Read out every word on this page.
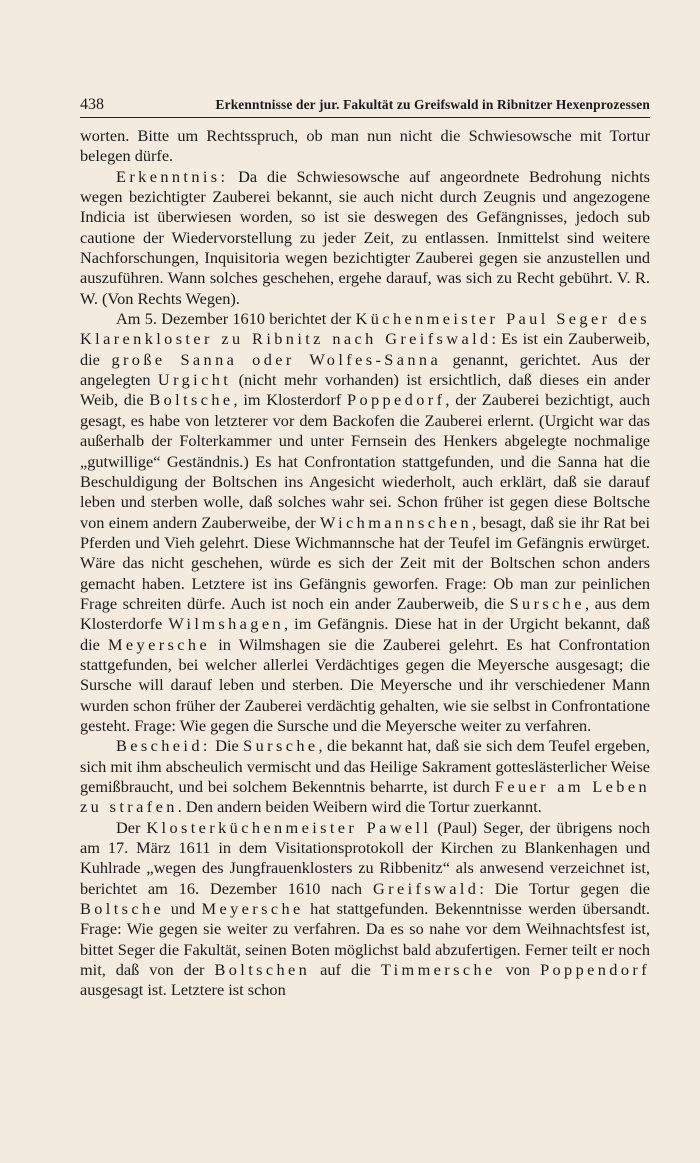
438	Erkenntnisse der jur. Fakultät zu Greifswald in Ribnitzer Hexenprozessen

worten. Bitte um Rechtsspruch, ob man nun nicht die Schwiesowsche mit Tortur belegen dürfe.

Erkenntnis: Da die Schwiesowsche auf angeordnete Bedrohung nichts wegen bezichtigter Zauberei bekannt, sie auch nicht durch Zeugnis und angezogene Indicia ist überwiesen worden, so ist sie deswegen des Gefängnisses, jedoch sub cautione der Wiedervorstellung zu jeder Zeit, zu entlassen. Inmittelst sind weitere Nachforschungen, Inquisitoria wegen bezichtigter Zauberei gegen sie anzustellen und auszuführen. Wann solches geschehen, ergehe darauf, was sich zu Recht gebührt. V. R. W. (Von Rechts Wegen).

Am 5. Dezember 1610 berichtet der Küchenmeister Paul Seger des Klarenkloster zu Ribnitz nach Greifswald: Es ist ein Zauberweib, die große Sanna oder Wolfes-Sanna genannt, gerichtet. Aus der angelegten Urgicht (nicht mehr vorhanden) ist ersichtlich, daß dieses ein ander Weib, die Boltsche, im Klosterdorf Poppedorf, der Zauberei bezichtigt, auch gesagt, es habe von letzterer vor dem Backofen die Zauberei erlernt. (Urgicht war das außerhalb der Folterkammer und unter Fernsein des Henkers abgelegte nochmalige „gutwillige“ Geständnis.) Es hat Confrontation stattgefunden, und die Sanna hat die Beschuldigung der Boltschen ins Angesicht wiederholt, auch erklärt, daß sie darauf leben und sterben wolle, daß solches wahr sei. Schon früher ist gegen diese Boltsche von einem andern Zauberweibe, der Wichmannschen, besagt, daß sie ihr Rat bei Pferden und Vieh gelehrt. Diese Wichmannsche hat der Teufel im Gefängnis erwürget. Wäre das nicht geschehen, würde es sich der Zeit mit der Boltschen schon anders gemacht haben. Letztere ist ins Gefängnis geworfen. Frage: Ob man zur peinlichen Frage schreiten dürfe. Auch ist noch ein ander Zauberweib, die Sursche, aus dem Klosterdorfe Wilmshagen, im Gefängnis. Diese hat in der Urgicht bekannt, daß die Meyersche in Wilmshagen sie die Zauberei gelehrt. Es hat Confrontation stattgefunden, bei welcher allerlei Verdächtiges gegen die Meyersche ausgesagt; die Sursche will darauf leben und sterben. Die Meyersche und ihr verschiedener Mann wurden schon früher der Zauberei verdächtig gehalten, wie sie selbst in Confrontatione gesteht. Frage: Wie gegen die Sursche und die Meyersche weiter zu verfahren.

Bescheid: Die Sursche, die bekannt hat, daß sie sich dem Teufel ergeben, sich mit ihm abscheulich vermischt und das Heilige Sakrament gotteslästerlicher Weise gemißbraucht, und bei solchem Bekenntnis beharrte, ist durch Feuer am Leben zu strafen. Den andern beiden Weibern wird die Tortur zuerkannt.

Der Klosterküchenmeister Pawell (Paul) Seger, der übrigens noch am 17. März 1611 in dem Visitationsprotokoll der Kirchen zu Blankenhagen und Kuhlrade „wegen des Jungfrauenklosters zu Ribbenitz“ als anwesend verzeichnet ist, berichtet am 16. Dezember 1610 nach Greifswald: Die Tortur gegen die Boltsche und Meyersche hat stattgefunden. Bekenntnisse werden übersandt. Frage: Wie gegen sie weiter zu verfahren. Da es so nahe vor dem Weihnachtsfest ist, bittet Seger die Fakultät, seinen Boten möglichst bald abzufertigen. Ferner teilt er noch mit, daß von der Boltschen auf die Timmersche von Poppendorf ausgesagt ist. Letztere ist schon
